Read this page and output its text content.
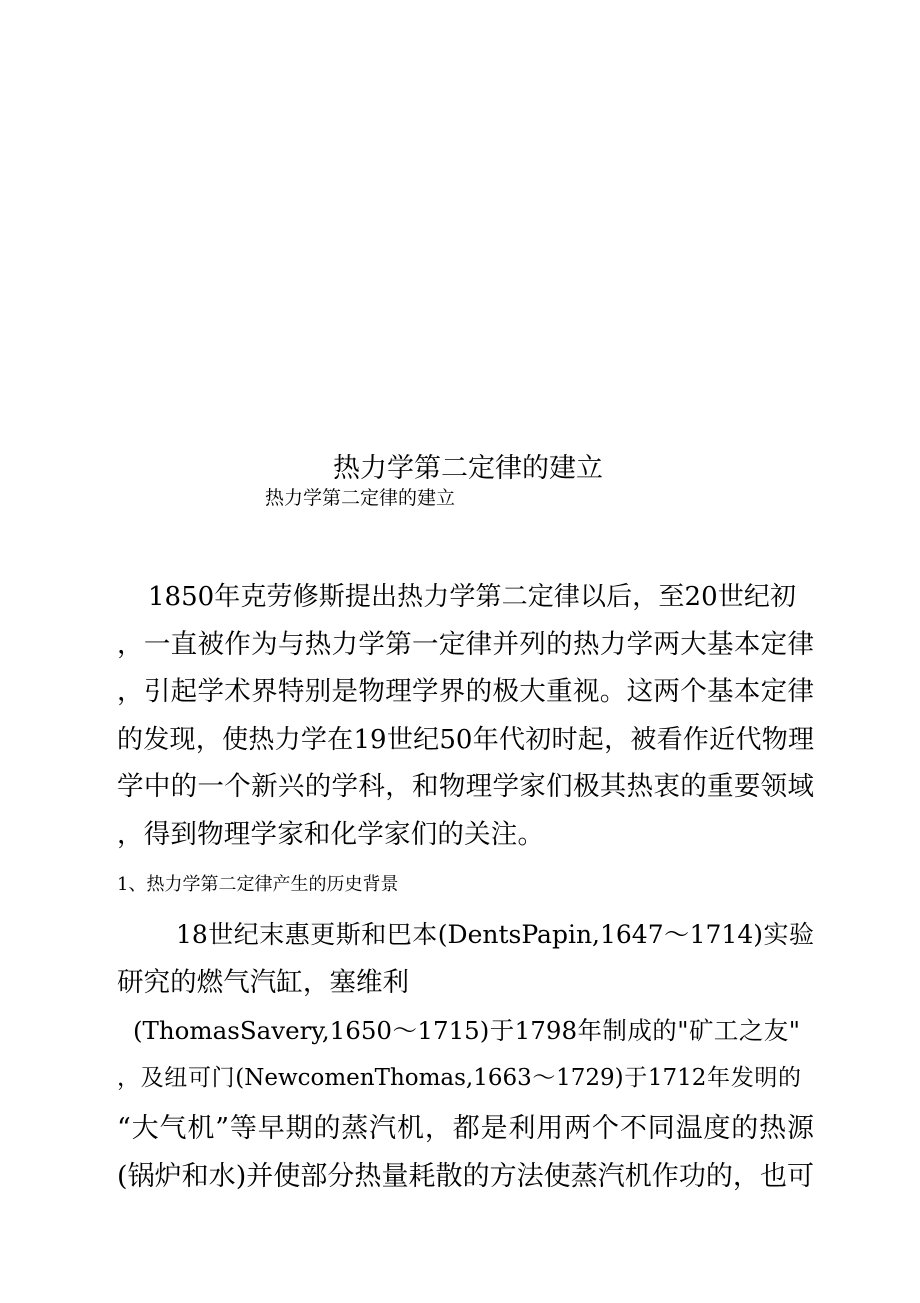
热力学第二定律的建立
热力学第二定律的建立
1850年克劳修斯提出热力学第二定律以后，至20世纪初
，一直被作为与热力学第一定律并列的热力学两大基本定律
，引起学术界特别是物理学界的极大重视。这两个基本定律
的发现，使热力学在19世纪50年代初时起，被看作近代物理
学中的一个新兴的学科，和物理学家们极其热衷的重要领域
，得到物理学家和化学家们的关注。
1、热力学第二定律产生的历史背景
18世纪末惠更斯和巴本(DentsPapin,1647～1714)实验
研究的燃气汽缸，塞维利
(ThomasSavery,1650～1715)于1798年制成的"矿工之友"
，及纽可门(NewcomenThomas,1663～1729)于1712年发明的
“大气机”等早期的蒸汽机，都是利用两个不同温度的热源
(锅炉和水)并使部分热量耗散的方法使蒸汽机作功的，也可
